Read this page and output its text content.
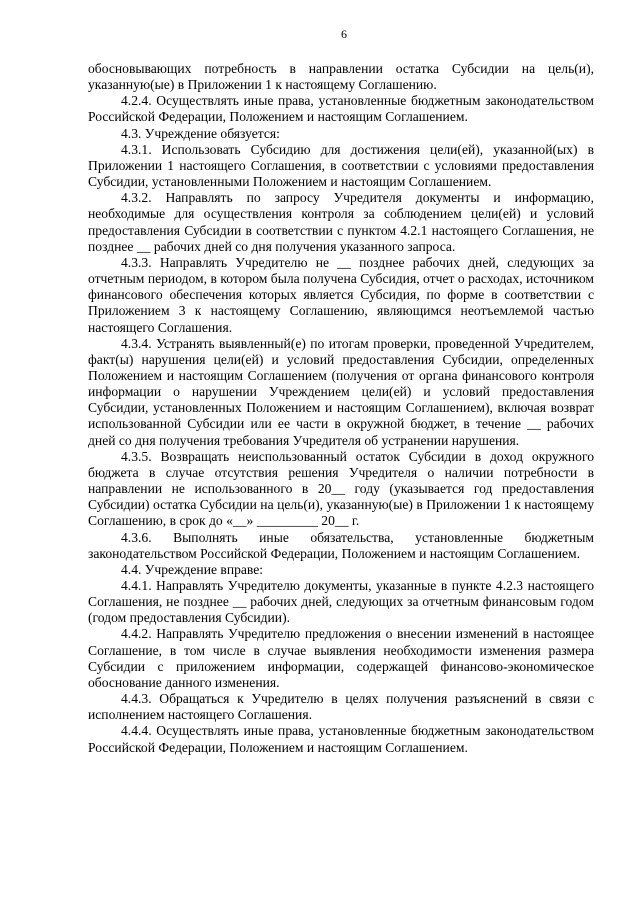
6

обосновывающих потребность в направлении остатка Субсидии на цель(и), указанную(ые) в Приложении 1 к настоящему Соглашению.

4.2.4. Осуществлять иные права, установленные бюджетным законодательством Российской Федерации, Положением и настоящим Соглашением.

4.3. Учреждение обязуется:

4.3.1. Использовать Субсидию для достижения цели(ей), указанной(ых) в Приложении 1 настоящего Соглашения, в соответствии с условиями предоставления Субсидии, установленными Положением и настоящим Соглашением.

4.3.2. Направлять по запросу Учредителя документы и информацию, необходимые для осуществления контроля за соблюдением цели(ей) и условий предоставления Субсидии в соответствии с пунктом 4.2.1 настоящего Соглашения, не позднее __ рабочих дней со дня получения указанного запроса.

4.3.3. Направлять Учредителю не __ позднее рабочих дней, следующих за отчетным периодом, в котором была получена Субсидия, отчет о расходах, источником финансового обеспечения которых является Субсидия, по форме в соответствии с Приложением 3 к настоящему Соглашению, являющимся неотъемлемой частью настоящего Соглашения.

4.3.4. Устранять выявленный(е) по итогам проверки, проведенной Учредителем, факт(ы) нарушения цели(ей) и условий предоставления Субсидии, определенных Положением и настоящим Соглашением (получения от органа финансового контроля информации о нарушении Учреждением цели(ей) и условий предоставления Субсидии, установленных Положением и настоящим Соглашением), включая возврат использованной Субсидии или ее части в окружной бюджет, в течение __ рабочих дней со дня получения требования Учредителя об устранении нарушения.

4.3.5. Возвращать неиспользованный остаток Субсидии в доход окружного бюджета в случае отсутствия решения Учредителя о наличии потребности в направлении не использованного в 20__ году (указывается год предоставления Субсидии) остатка Субсидии на цель(и), указанную(ые) в Приложении 1 к настоящему Соглашению, в срок до «__» _________ 20__ г.

4.3.6. Выполнять иные обязательства, установленные бюджетным законодательством Российской Федерации, Положением и настоящим Соглашением.

4.4. Учреждение вправе:

4.4.1. Направлять Учредителю документы, указанные в пункте 4.2.3 настоящего Соглашения, не позднее __ рабочих дней, следующих за отчетным финансовым годом (годом предоставления Субсидии).

4.4.2. Направлять Учредителю предложения о внесении изменений в настоящее Соглашение, в том числе в случае выявления необходимости изменения размера Субсидии с приложением информации, содержащей финансово-экономическое обоснование данного изменения.

4.4.3. Обращаться к Учредителю в целях получения разъяснений в связи с исполнением настоящего Соглашения.

4.4.4. Осуществлять иные права, установленные бюджетным законодательством Российской Федерации, Положением и настоящим Соглашением.
